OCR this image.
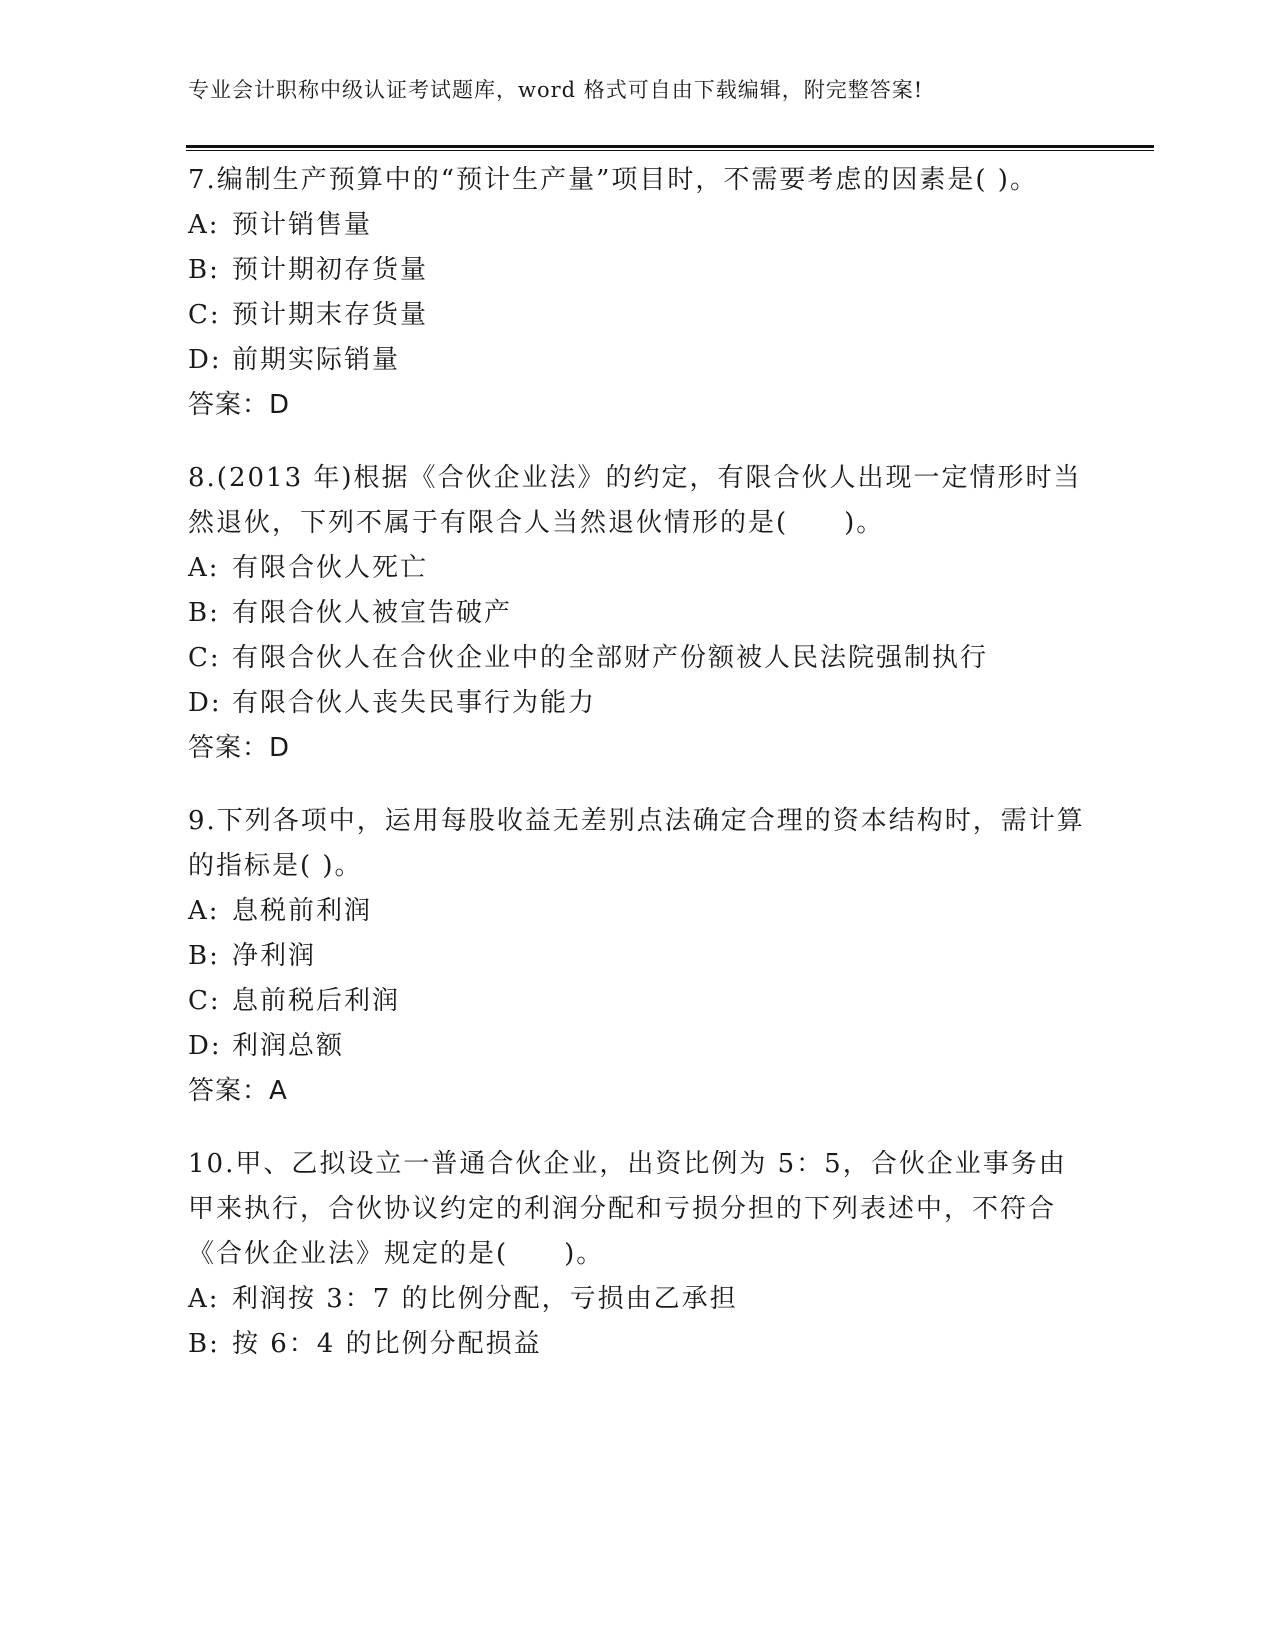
专业会计职称中级认证考试题库，word 格式可自由下载编辑，附完整答案!
7.编制生产预算中的“预计生产量”项目时，不需要考虑的因素是( )。
A: 预计销售量
B: 预计期初存货量
C: 预计期末存货量
D: 前期实际销量
答案：D
8.(2013 年)根据《合伙企业法》的约定，有限合伙人出现一定情形时当然退伙，下列不属于有限合人当然退伙情形的是(　　)。
A: 有限合伙人死亡
B: 有限合伙人被宣告破产
C: 有限合伙人在合伙企业中的全部财产份额被人民法院强制执行
D: 有限合伙人丧失民事行为能力
答案：D
9.下列各项中，运用每股收益无差别点法确定合理的资本结构时，需计算的指标是( )。
A: 息税前利润
B: 净利润
C: 息前税后利润
D: 利润总额
答案：A
10.甲、乙拟设立一普通合伙企业，出资比例为 5：5，合伙企业事务由甲来执行，合伙协议约定的利润分配和亏损分担的下列表述中，不符合《合伙企业法》规定的是(　　)。
A: 利润按 3：7 的比例分配，亏损由乙承担
B: 按 6：4 的比例分配损益
